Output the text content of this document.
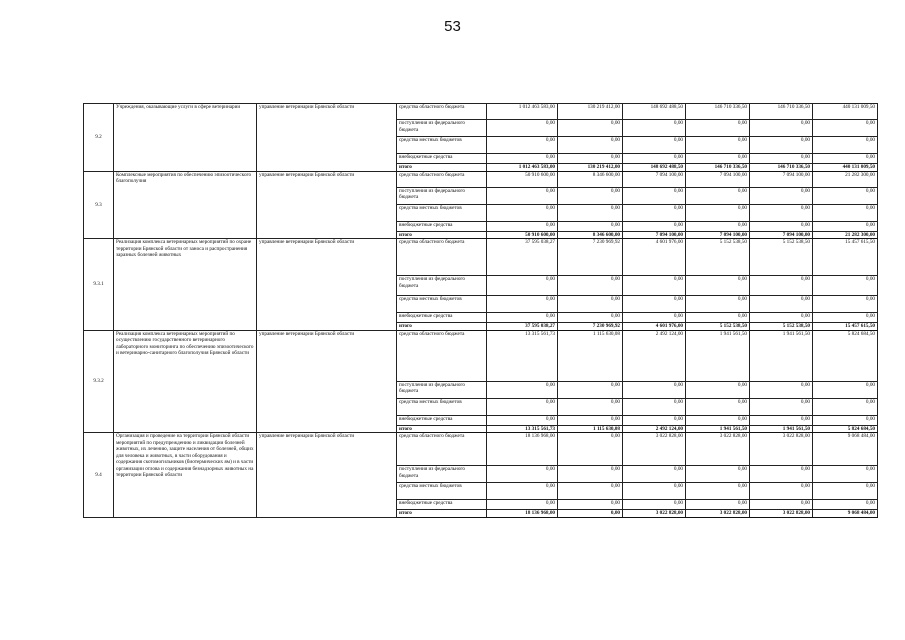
53
9.2	Учреждения, оказывающие услуги в сфере ветеринарии	управление ветеринарии Брянской области	средства областного бюджета	1 012 463 583,00	130 219 412,00	148 692 488,50	146 710 336,50	146 710 336,50	440 131 009,50
			поступления из федерального бюджета	0,00	0,00	0,00	0,00	0,00	0,00
			средства местных бюджетов	0,00	0,00	0,00	0,00	0,00	0,00
			внебюджетные средства	0,00	0,00	0,00	0,00	0,00	0,00
			итого	1 012 463 583,00	130 219 412,00	148 692 488,50	146 710 336,50	146 710 336,50	440 131 009,50
9.3	Комплексные мероприятия по обеспечению эпизоотического благополучия	управление ветеринарии Брянской области	средства областного бюджета	50 910 600,00	8 346 600,00	7 094 100,00	7 094 100,00	7 094 100,00	21 282 300,00
			поступления из федерального бюджета	0,00	0,00	0,00	0,00	0,00	0,00
			средства местных бюджетов	0,00	0,00	0,00	0,00	0,00	0,00
			внебюджетные средства	0,00	0,00	0,00	0,00	0,00	0,00
			итого	50 910 600,00	8 346 600,00	7 094 100,00	7 094 100,00	7 094 100,00	21 282 300,00
9.3.1	Реализация комплекса ветеринарных мероприятий по охране территории Брянской области от заноса и распространения заразных болезней животных	управление ветеринарии Брянской области	средства областного бюджета	37 595 038,27	7 230 969,92	4 601 976,00	5 152 538,50	5 152 538,50	15 457 615,50
			поступления из федерального бюджета	0,00	0,00	0,00	0,00	0,00	0,00
			средства местных бюджетов	0,00	0,00	0,00	0,00	0,00	0,00
			внебюджетные средства	0,00	0,00	0,00	0,00	0,00	0,00
			итого	37 595 038,27	7 230 969,92	4 601 976,00	5 152 538,50	5 152 538,50	15 457 615,50
9.3.2	Реализация комплекса ветеринарных мероприятий по осуществлению государственного ветеринарного лабораторного мониторинга по обеспечению эпизоотического и ветеринарно-санитарного благополучия Брянской области	управление ветеринарии Брянской области	средства областного бюджета	13 315 561,73	1 115 630,08	2 492 124,00	1 941 561,50	1 941 561,50	5 824 684,50
			поступления из федерального бюджета	0,00	0,00	0,00	0,00	0,00	0,00
			средства местных бюджетов	0,00	0,00	0,00	0,00	0,00	0,00
			внебюджетные средства	0,00	0,00	0,00	0,00	0,00	0,00
			итого	13 315 561,73	1 115 630,08	2 492 124,00	1 941 561,50	1 941 561,50	5 824 684,50
9.4	Организация и проведение на территории Брянской области мероприятий по предупреждению и ликвидации болезней животных, их лечению, защите населения от болезней, общих для человека и животных, в части оборудования и содержания скотомогильников (биотермических ям) и в части организации отлова и содержания безнадзорных животных на территории Брянской области	управление ветеринарии Брянской области	средства областного бюджета	18 136 968,00	0,00	3 022 828,00	3 022 828,00	3 022 828,00	9 068 484,00
			поступления из федерального бюджета	0,00	0,00	0,00	0,00	0,00	0,00
			средства местных бюджетов	0,00	0,00	0,00	0,00	0,00	0,00
			внебюджетные средства	0,00	0,00	0,00	0,00	0,00	0,00
			итого	18 136 968,00	0,00	3 022 828,00	3 022 828,00	3 022 828,00	9 068 484,00
